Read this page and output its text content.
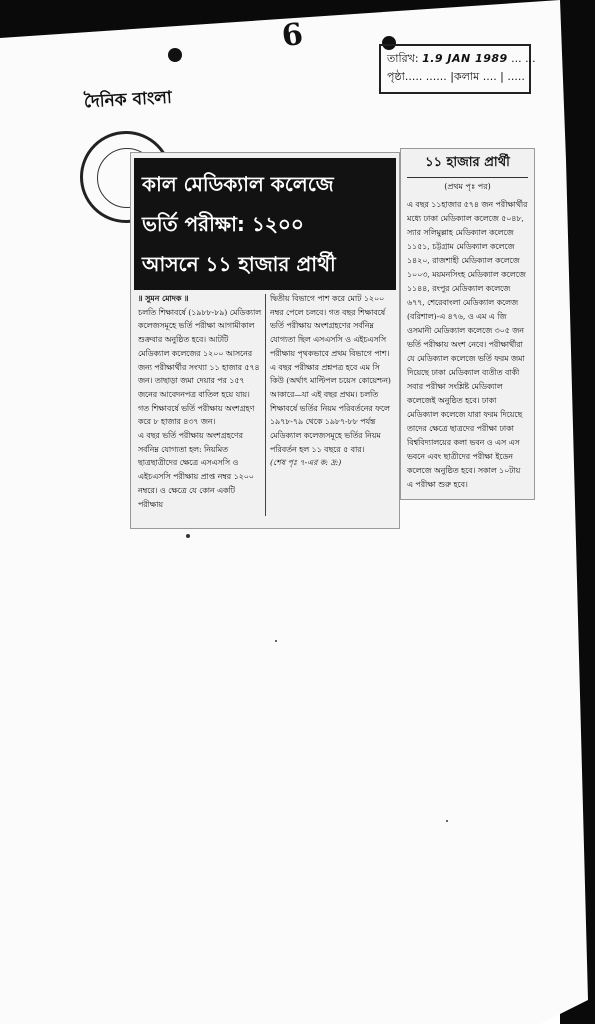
6
তারিখ: 1.9 JAN 1989 ... ...
পৃষ্ঠা..... ...... |কলাম .... | .....
দৈনিক বাংলা
কাল মেডিক্যাল কলেজে
ভর্তি পরীক্ষা: ১২০০
আসনে ১১ হাজার প্রার্থী

॥ সুমন মোদক ॥

চলতি শিক্ষাবর্ষে (১৯৮৮-৮৯) মেডিক্যাল কলেজসমূহে ভর্তি পরীক্ষা আগামীকাল শুক্রবার অনুষ্ঠিত হবে। আটটি মেডিক্যাল কলেজের ১২০০ আসনের জন্য পরীক্ষার্থীর সংখ্যা ১১ হাজার ৫৭৪ জন। তাছাড়া জমা দেয়ার পর ১৫৭ জনের আবেদনপত্র বাতিল হয়ে যায়। গত শিক্ষাবর্ষে ভর্তি পরীক্ষায় অংশগ্রহণ করে ৮ হাজার ৪৩৭ জন।

এ বছর ভর্তি পরীক্ষায় অংশগ্রহণের সর্বনিম্ন যোগ্যতা হল: নিয়মিত ছাত্রছাত্রীদের ক্ষেত্রে এসএসসি ও এইচএসসি পরীক্ষায় প্রাপ্ত নম্বর ১২০০ নম্বরে। ও ক্ষেত্রে যে কোন একটি পরীক্ষায়

দ্বিতীয় বিভাগে পাশ করে মোট ১২০০ নম্বর পেলে চলবে। গত বছর শিক্ষাবর্ষে ভর্তি পরীক্ষায় অংশগ্রহণের সর্বনিম্ন যোগ্যতা ছিল এসএসসি ও এইচএসসি পরীক্ষায় পৃথকভাবে প্রথম বিভাগে পাশ।

এ বছর পরীক্ষার প্রশ্নপত্র হবে এম সি কিউ (অর্থাৎ মাল্টিপল চয়েস কোয়েশ্চন) আকারে—যা এই বছর প্রথম। চলতি শিক্ষাবর্ষে ভর্তির নিয়ম পরিবর্তনের ফলে ১৯৭৮-৭৯ থেকে ১৯৮৭-৮৮ পর্যন্ত মেডিক্যাল কলেজসমূহে ভর্তির নিয়ম পরিবর্তন হল ১১ বছরে ৫ বার।

(শেষ পৃঃ ৭-এর ক: দ্র:)

১১ হাজার প্রার্থী
(প্রথম পৃঃ পর)

এ বছর ১১হাজার ৫৭৪ জন পরীক্ষার্থীর মধ্যে ঢাকা মেডিক্যাল কলেজে ৫০৪৮, স্যার সলিমুল্লাহ মেডিক্যাল কলেজে ১১৫১, চট্টগ্রাম মেডিক্যাল কলেজে ১৪২০, রাজশাহী মেডিক্যাল কলেজে ১০০৩, ময়মনসিংহ মেডিক্যাল কলেজে ১১৪৪, রংপুর মেডিক্যাল কলেজে ৬৭৭, শেরেবাংলা মেডিক্যাল কলেজ (বরিশাল)-এ ৪৭৬, ও এম এ জি ওসমানী মেডিক্যাল কলেজে ৩০৫ জন ভর্তি পরীক্ষায় অংশ নেবে। পরীক্ষার্থীরা যে মেডিক্যাল কলেজে ভর্তি ফরম জমা দিয়েছে ঢাকা মেডিক্যাল ব্যতীত বাকী সবার পরীক্ষা সংশ্লিষ্ট মেডিক্যাল কলেজেই অনুষ্ঠিত হবে। ঢাকা মেডিক্যাল কলেজে যারা ফরম দিয়েছে তাদের ক্ষেত্রে ছাত্রদের পরীক্ষা ঢাকা বিশ্ববিদ্যালয়ের কলা ভবন ও এস এস ভবনে এবং ছাত্রীদের পরীক্ষা ইডেন কলেজে অনুষ্ঠিত হবে। সকাল ১০টায় এ পরীক্ষা শুরু হবে।
